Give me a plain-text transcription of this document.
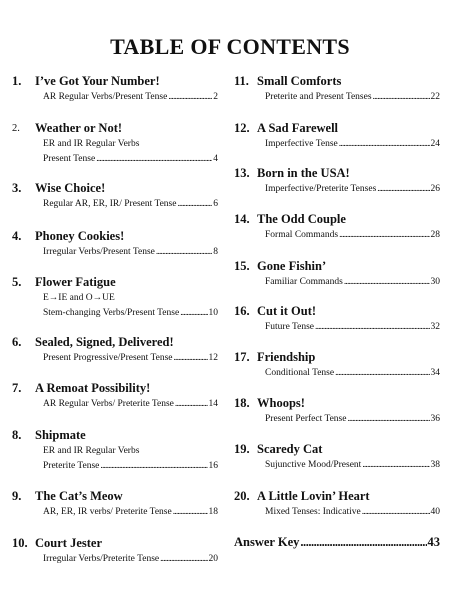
TABLE OF CONTENTS
1. I’ve Got Your Number!
AR Regular Verbs/Present Tense . . .	2
2. Weather or Not!
ER and IR Regular Verbs
Present Tense . . .	4
3. Wise Choice!
Regular AR, ER, IR/ Present Tense . . .	6
4. Phoney Cookies!
Irregular Verbs/Present Tense . . .	8
5. Flower Fatigue
E→IE and O→UE
Stem-changing Verbs/Present Tense . . .	10
6. Sealed, Signed, Delivered!
Present Progressive/Present Tense . . .	12
7. A Remoat Possibility!
AR Regular Verbs/ Preterite Tense . . .	14
8. Shipmate
ER and IR Regular Verbs
Preterite Tense . . .	16
9. The Cat’s Meow
AR, ER, IR verbs/ Preterite Tense . . .	18
10. Court Jester
Irregular Verbs/Preterite Tense . . .	20
11. Small Comforts
Preterite and Present Tenses . . .	22
12. A Sad Farewell
Imperfective Tense . . .	24
13. Born in the USA!
Imperfective/Preterite Tenses . . .	26
14. The Odd Couple
Formal Commands . . .	28
15. Gone Fishin’
Familiar Commands . . .	30
16. Cut it Out!
Future Tense . . .	32
17. Friendship
Conditional Tense . . .	34
18. Whoops!
Present Perfect Tense . . .	36
19. Scaredy Cat
Sujunctive Mood/Present . . .	38
20. A Little Lovin’ Heart
Mixed Tenses: Indicative . . .	40
Answer Key . . .	43
